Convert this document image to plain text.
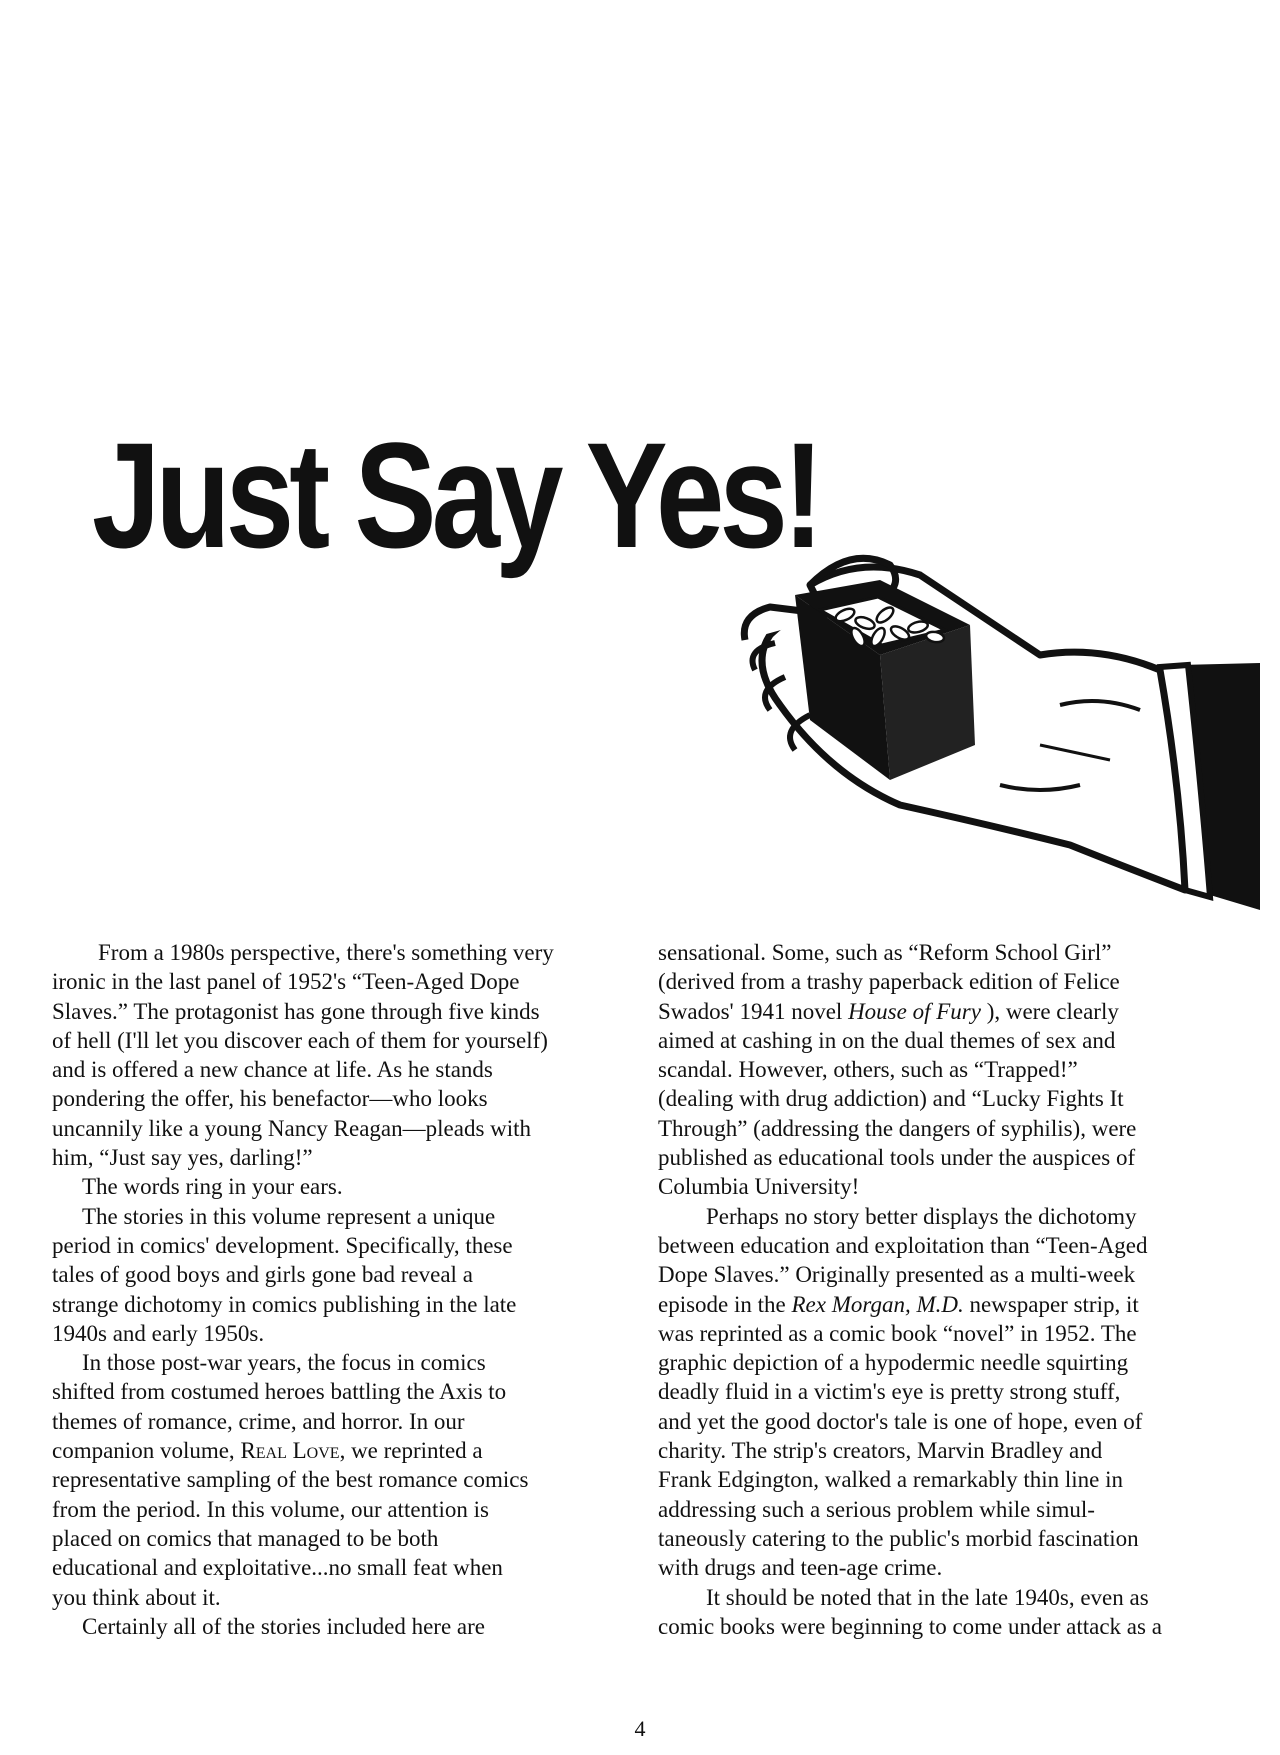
Just Say Yes!

From a 1980s perspective, there's something very

ironic in the last panel of 1952's “Teen-Aged Dope

Slaves.” The protagonist has gone through five kinds

of hell (I'll let you discover each of them for yourself)

and is offered a new chance at life. As he stands

pondering the offer, his benefactor—who looks

uncannily like a young Nancy Reagan—pleads with

him, “Just say yes, darling!”

The words ring in your ears.

The stories in this volume represent a unique

period in comics' development. Specifically, these

tales of good boys and girls gone bad reveal a

strange dichotomy in comics publishing in the late

1940s and early 1950s.

In those post-war years, the focus in comics

shifted from costumed heroes battling the Axis to

themes of romance, crime, and horror. In our

companion volume, Real Love, we reprinted a

representative sampling of the best romance comics

from the period. In this volume, our attention is

placed on comics that managed to be both

educational and exploitative...no small feat when

you think about it.

Certainly all of the stories included here are

sensational. Some, such as “Reform School Girl”

(derived from a trashy paperback edition of Felice

Swados' 1941 novel House of Fury ), were clearly

aimed at cashing in on the dual themes of sex and

scandal. However, others, such as “Trapped!”

(dealing with drug addiction) and “Lucky Fights It

Through” (addressing the dangers of syphilis), were

published as educational tools under the auspices of

Columbia University!

Perhaps no story better displays the dichotomy

between education and exploitation than “Teen-Aged

Dope Slaves.” Originally presented as a multi-week

episode in the Rex Morgan, M.D. newspaper strip, it

was reprinted as a comic book “novel” in 1952. The

graphic depiction of a hypodermic needle squirting

deadly fluid in a victim's eye is pretty strong stuff,

and yet the good doctor's tale is one of hope, even of

charity. The strip's creators, Marvin Bradley and

Frank Edgington, walked a remarkably thin line in

addressing such a serious problem while simul-

taneously catering to the public's morbid fascination

with drugs and teen-age crime.

It should be noted that in the late 1940s, even as

comic books were beginning to come under attack as a

4
